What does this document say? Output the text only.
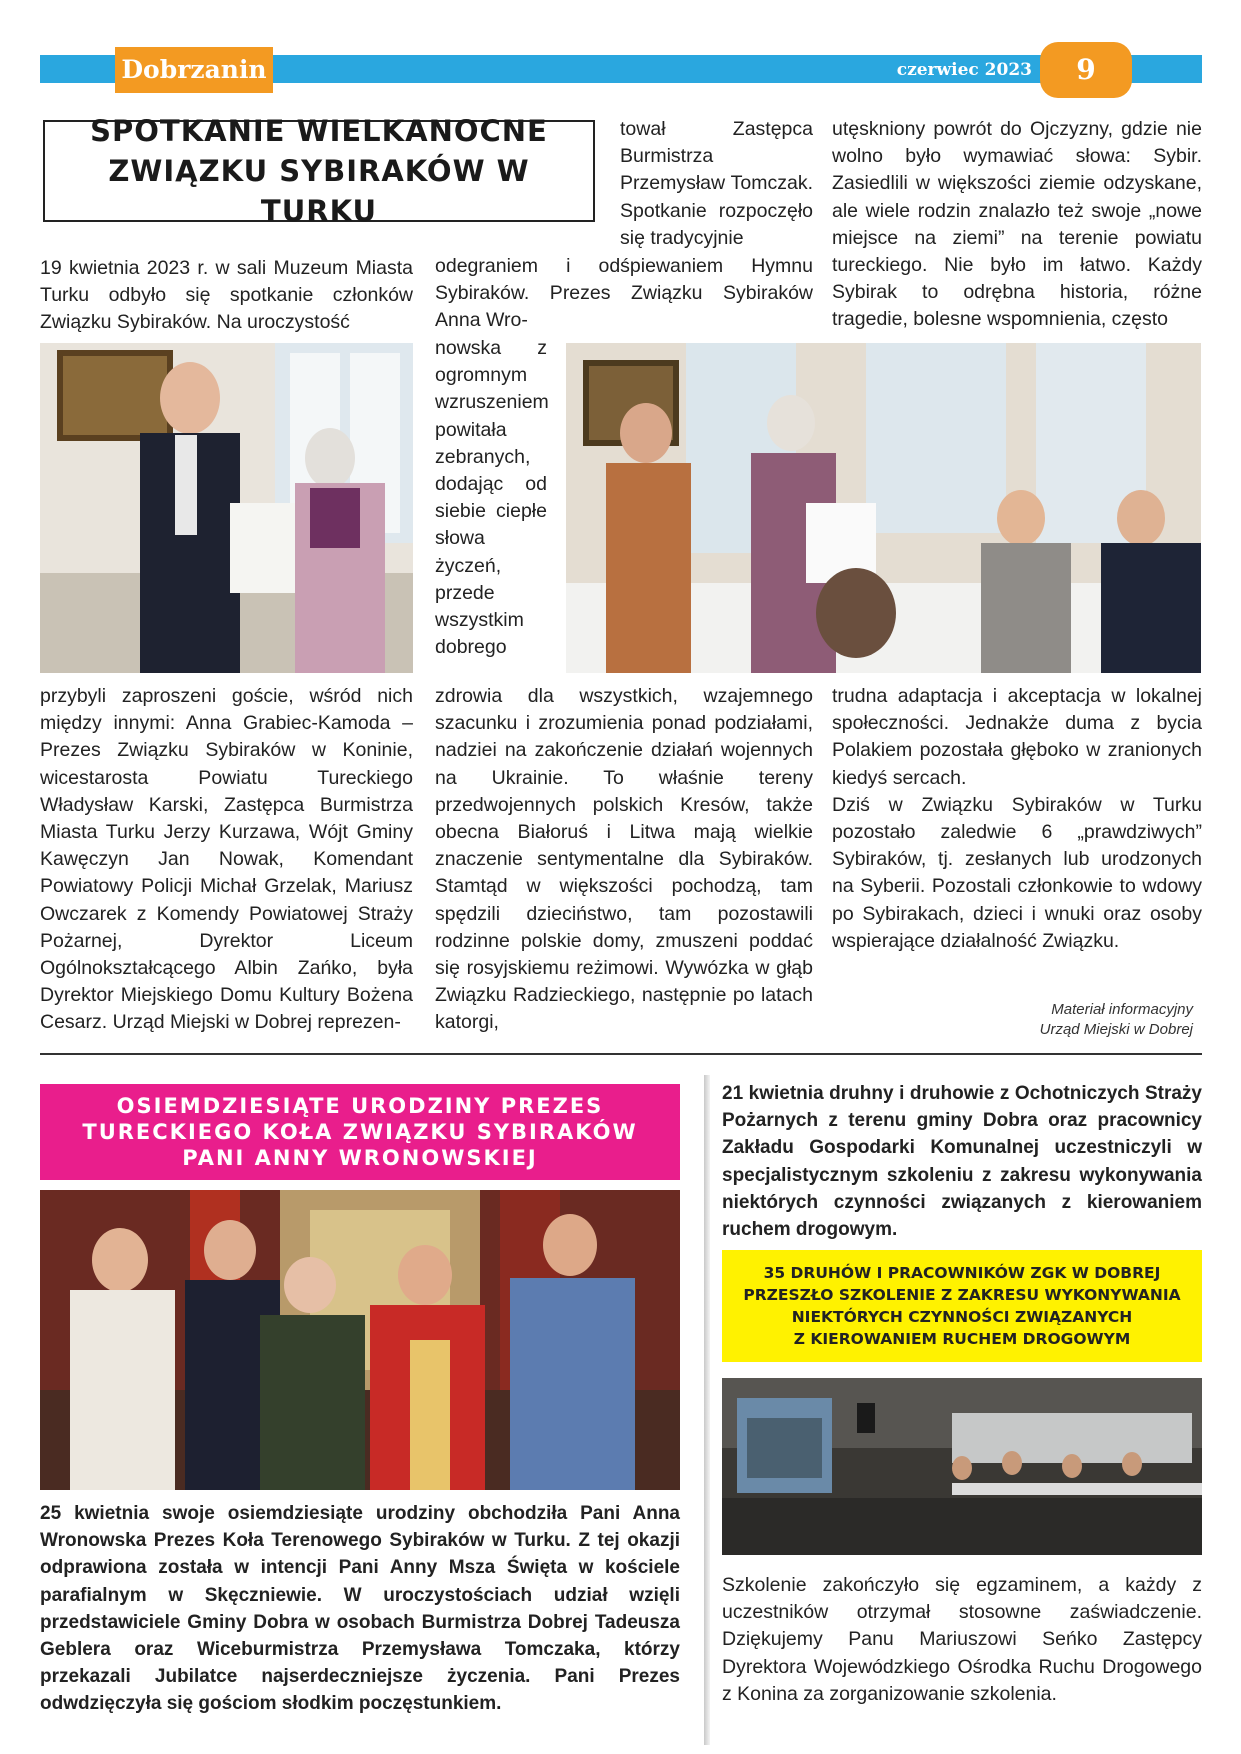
Dobrzanin	czerwiec 2023	9
SPOTKANIE WIELKANOCNE
ZWIĄZKU SYBIRAKÓW W TURKU

19 kwietnia 2023 r. w sali Muzeum Miasta Turku odbyło się spotkanie członków Związku Sybiraków. Na uroczystość

przybyli zaproszeni goście, wśród nich między innymi: Anna Grabiec-Kamoda – Prezes Związku Sybiraków w Koninie, wicestarosta Powiatu Tureckiego Władysław Karski, Zastępca Burmistrza Miasta Turku Jerzy Kurzawa, Wójt Gminy Kawęczyn Jan Nowak, Komendant Powiatowy Policji Michał Grzelak, Mariusz Owczarek z Komendy Powiatowej Straży Pożarnej, Dyrektor Liceum Ogólnokształcącego Albin Zańko, była Dyrektor Miejskiego Domu Kultury Bożena Cesarz. Urząd Miejski w Dobrej reprezen-

tował Zastępca Burmistrza Przemysław Tomczak. Spotkanie rozpoczęło się tradycyjnie

odegraniem i odśpiewaniem Hymnu Sybiraków. Prezes Związku Sybiraków Anna Wro-

nowska z ogromnym wzruszeniem powitała zebranych, dodając od siebie ciepłe słowa życzeń, przede wszystkim dobrego

zdrowia dla wszystkich, wzajemnego szacunku i zrozumienia ponad podziałami, nadziei na zakończenie działań wojennych na Ukrainie. To właśnie tereny przedwojennych polskich Kresów, także obecna Białoruś i Litwa mają wielkie znaczenie sentymentalne dla Sybiraków. Stamtąd w większości pochodzą, tam spędzili dzieciństwo, tam pozostawili rodzinne polskie domy, zmuszeni poddać się rosyjskiemu reżimowi. Wywózka w głąb Związku Radzieckiego, następnie po latach katorgi,

utęskniony powrót do Ojczyzny, gdzie nie wolno było wymawiać słowa: Sybir. Zasiedlili w większości ziemie odzyskane, ale wiele rodzin znalazło też swoje „nowe miejsce na ziemi” na terenie powiatu tureckiego. Nie było im łatwo. Każdy Sybirak to odrębna historia, różne tragedie, bolesne wspomnienia, często

trudna adaptacja i akceptacja w lokalnej społeczności. Jednakże duma z bycia Polakiem pozostała głęboko w zranionych kiedyś sercach.

Dziś w Związku Sybiraków w Turku pozostało zaledwie 6 „prawdziwych” Sybiraków, tj. zesłanych lub urodzonych na Syberii. Pozostali członkowie to wdowy po Sybirakach, dzieci i wnuki oraz osoby wspierające działalność Związku.

Materiał informacyjny
Urząd Miejski w Dobrej
OSIEMDZIESIĄTE URODZINY PREZES
TURECKIEGO KOŁA ZWIĄZKU SYBIRAKÓW
PANI ANNY WRONOWSKIEJ

25 kwietnia swoje osiemdziesiąte urodziny obchodziła Pani Anna Wronowska Prezes Koła Terenowego Sybiraków w Turku. Z tej okazji odprawiona została w intencji Pani Anny Msza Święta w kościele parafialnym w Skęczniewie. W uroczystościach udział wzięli przedstawiciele Gminy Dobra w osobach Burmistrza Dobrej Tadeusza Geblera oraz Wiceburmistrza Przemysława Tomczaka, którzy przekazali Jubilatce najserdeczniejsze życzenia. Pani Prezes odwdzięczyła się gościom słodkim poczęstunkiem.

21 kwietnia druhny i druhowie z Ochotniczych Straży Pożarnych z terenu gminy Dobra oraz pracownicy Zakładu Gospodarki Komunalnej uczestniczyli w specjalistycznym szkoleniu z zakresu wykonywania niektórych czynności związanych z kierowaniem ruchem drogowym.

35 DRUHÓW I PRACOWNIKÓW ZGK W DOBREJ
PRZESZŁO SZKOLENIE Z ZAKRESU WYKONYWANIA
NIEKTÓRYCH CZYNNOŚCI ZWIĄZANYCH
Z KIEROWANIEM RUCHEM DROGOWYM

Szkolenie zakończyło się egzaminem, a każdy z uczestników otrzymał stosowne zaświadczenie. Dziękujemy Panu Mariuszowi Seńko Zastępcy Dyrektora Wojewódzkiego Ośrodka Ruchu Drogowego z Konina za zorganizowanie szkolenia.
